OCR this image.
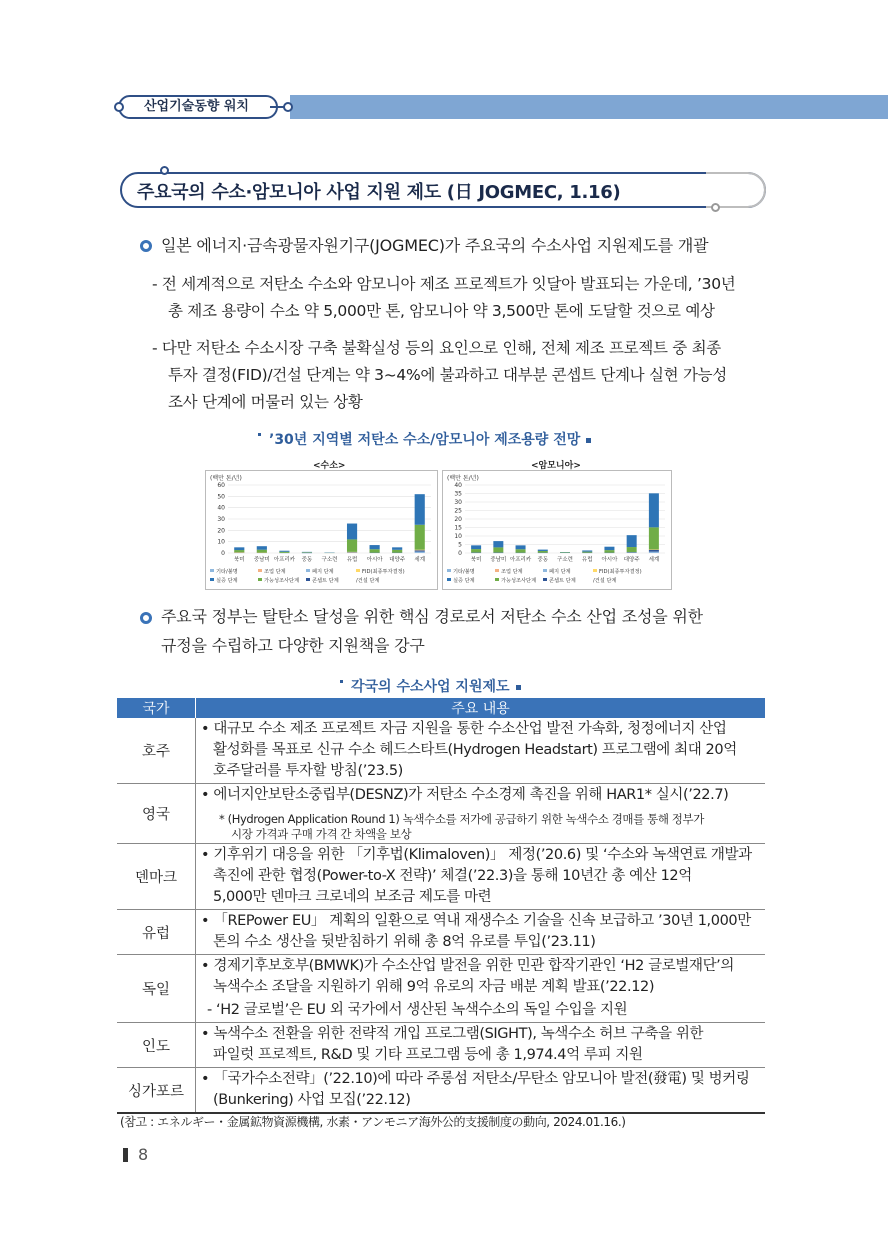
산업기술동향 워치
주요국의 수소·암모니아 사업 지원 제도 (日 JOGMEC, 1.16)
일본 에너지·금속광물자원기구(JOGMEC)가 주요국의 수소사업 지원제도를 개괄
- 전 세계적으로 저탄소 수소와 암모니아 제조 프로젝트가 잇달아 발표되는 가운데, ’30년
총 제조 용량이 수소 약 5,000만 톤, 암모니아 약 3,500만 톤에 도달할 것으로 예상
- 다만 저탄소 수소시장 구축 불확실성 등의 요인으로 인해, 전체 제조 프로젝트 중 최종
투자 결정(FID)/건설 단계는 약 3~4%에 불과하고 대부분 콘셉트 단계나 실현 가능성
조사 단계에 머물러 있는 상황
’30년 지역별 저탄소 수소/암모니아 제조용량 전망
(백만 톤/년)
0
10
20
30
40
50
60
북미 중남미 아프리카 중동 구소련 유럽 아시아 대양주 세계
기타/불명	조업 단계	폐지 단계	FID(최종투자결정)
실증 단계	가능성조사단계 콘셉트 단계	/건설 단계
<수소>
(백만 톤/년)
0
5
10
15
20
25
30
35
40
북미 중남미 아프리카 중동 구소련 유럽 아시아 대양주 세계
기타/불명	조업 단계	폐지 단계	FID(최종투자결정)
실증 단계	가능성조사단계 콘셉트 단계	/건설 단계
<암모니아>
주요국 정부는 탈탄소 달성을 위한 핵심 경로로서 저탄소 수소 산업 조성을 위한
규정을 수립하고 다양한 지원책을 강구
각국의 수소사업 지원제도
국가	주요 내용
호주	• 대규모 수소 제조 프로젝트 자금 지원을 통한 수소산업 발전 가속화, 청정에너지 산업
활성화를 목표로 신규 수소 헤드스타트(Hydrogen Headstart) 프로그램에 최대 20억
호주달러를 투자할 방침(’23.5)

영국	• 에너지안보탄소중립부(DESNZ)가 저탄소 수소경제 촉진을 위해 HAR1* 실시(’22.7)
* (Hydrogen Application Round 1) 녹색수소를 저가에 공급하기 위한 녹색수소 경매를 통해 정부가
시장 가격과 구매 가격 간 차액을 보상

덴마크	• 기후위기 대응을 위한 「기후법(Klimaloven)」 제정(’20.6) 및 ‘수소와 녹색연료 개발과
촉진에 관한 협정(Power-to-X 전략)’ 체결(’22.3)을 통해 10년간 총 예산 12억
5,000만 덴마크 크로네의 보조금 제도를 마련

유럽	• 「REPower EU」 계획의 일환으로 역내 재생수소 기술을 신속 보급하고 ’30년 1,000만
톤의 수소 생산을 뒷받침하기 위해 총 8억 유로를 투입(’23.11)

독일	• 경제기후보호부(BMWK)가 수소산업 발전을 위한 민관 합작기관인 ‘H2 글로벌재단’의
녹색수소 조달을 지원하기 위해 9억 유로의 자금 배분 계획 발표(’22.12)
- ‘H2 글로벌’은 EU 외 국가에서 생산된 녹색수소의 독일 수입을 지원

인도	• 녹색수소 전환을 위한 전략적 개입 프로그램(SIGHT), 녹색수소 허브 구축을 위한
파일럿 프로젝트, R&D 및 기타 프로그램 등에 총 1,974.4억 루피 지원

싱가포르	• 「국가수소전략」(’22.10)에 따라 주롱섬 저탄소/무탄소 암모니아 발전(發電) 및 벙커링
(Bunkering) 사업 모집(’22.12)
(참고 : エネルギー・金属鉱物資源機構, 水素・アンモニア海外公的支援制度の動向, 2024.01.16.)
8
